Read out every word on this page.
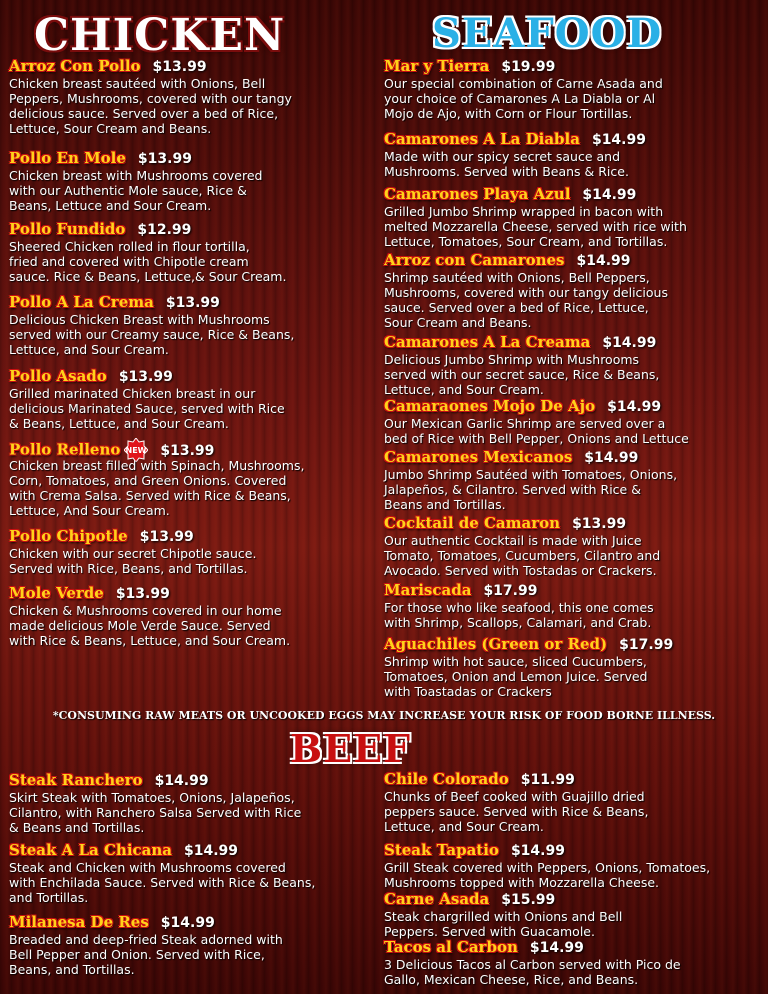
CHICKEN	SEAFOOD
Arroz Con Pollo $13.99

Chicken breast sautéed with Onions, Bell
Peppers, Mushrooms, covered with our tangy
delicious sauce. Served over a bed of Rice,
Lettuce, Sour Cream and Beans.

Pollo En Mole $13.99

Chicken breast with Mushrooms covered
with our Authentic Mole sauce, Rice &
Beans, Lettuce and Sour Cream.

Pollo Fundido $12.99

Sheered Chicken rolled in flour tortilla,
fried and covered with Chipotle cream
sauce. Rice & Beans, Lettuce,& Sour Cream.

Pollo A La Crema $13.99

Delicious Chicken Breast with Mushrooms
served with our Creamy sauce, Rice & Beans,
Lettuce, and Sour Cream.

Pollo Asado $13.99

Grilled marinated Chicken breast in our
delicious Marinated Sauce, served with Rice
& Beans, Lettuce, and Sour Cream.

Pollo Relleno NEW $13.99

Chicken breast filled with Spinach, Mushrooms,
Corn, Tomatoes, and Green Onions. Covered
with Crema Salsa. Served with Rice & Beans,
Lettuce, And Sour Cream.

Pollo Chipotle $13.99

Chicken with our secret Chipotle sauce.
Served with Rice, Beans, and Tortillas.

Mole Verde $13.99

Chicken & Mushrooms covered in our home
made delicious Mole Verde Sauce. Served
with Rice & Beans, Lettuce, and Sour Cream.

Mar y Tierra $19.99

Our special combination of Carne Asada and
your choice of Camarones A La Diabla or Al
Mojo de Ajo, with Corn or Flour Tortillas.

Camarones A La Diabla $14.99

Made with our spicy secret sauce and
Mushrooms. Served with Beans & Rice.

Camarones Playa Azul $14.99

Grilled Jumbo Shrimp wrapped in bacon with
melted Mozzarella Cheese, served with rice with
Lettuce, Tomatoes, Sour Cream, and Tortillas.

Arroz con Camarones $14.99

Shrimp sautéed with Onions, Bell Peppers,
Mushrooms, covered with our tangy delicious
sauce. Served over a bed of Rice, Lettuce,
Sour Cream and Beans.

Camarones A La Creama $14.99

Delicious Jumbo Shrimp with Mushrooms
served with our secret sauce, Rice & Beans,
Lettuce, and Sour Cream.

Camaraones Mojo De Ajo $14.99

Our Mexican Garlic Shrimp are served over a
bed of Rice with Bell Pepper, Onions and Lettuce

Camarones Mexicanos $14.99

Jumbo Shrimp Sautéed with Tomatoes, Onions,
Jalapeños, & Cilantro. Served with Rice &
Beans and Tortillas.

Cocktail de Camaron $13.99

Our authentic Cocktail is made with Juice
Tomato, Tomatoes, Cucumbers, Cilantro and
Avocado. Served with Tostadas or Crackers.

Mariscada $17.99

For those who like seafood, this one comes
with Shrimp, Scallops, Calamari, and Crab.

Aguachiles (Green or Red) $17.99

Shrimp with hot sauce, sliced Cucumbers,
Tomatoes, Onion and Lemon Juice. Served
with Toastadas or Crackers

*CONSUMING RAW MEATS OR UNCOOKED EGGS MAY INCREASE YOUR RISK OF FOOD BORNE ILLNESS.

BEEF
Steak Ranchero $14.99

Skirt Steak with Tomatoes, Onions, Jalapeños,
Cilantro, with Ranchero Salsa Served with Rice
& Beans and Tortillas.

Steak A La Chicana $14.99

Steak and Chicken with Mushrooms covered
with Enchilada Sauce. Served with Rice & Beans,
and Tortillas.

Milanesa De Res $14.99

Breaded and deep-fried Steak adorned with
Bell Pepper and Onion. Served with Rice,
Beans, and Tortillas.

Chile Colorado $11.99

Chunks of Beef cooked with Guajillo dried
peppers sauce. Served with Rice & Beans,
Lettuce, and Sour Cream.

Steak Tapatio $14.99

Grill Steak covered with Peppers, Onions, Tomatoes,
Mushrooms topped with Mozzarella Cheese.

Carne Asada $15.99

Steak chargrilled with Onions and Bell
Peppers. Served with Guacamole.

Tacos al Carbon $14.99

3 Delicious Tacos al Carbon served with Pico de
Gallo, Mexican Cheese, Rice, and Beans.
